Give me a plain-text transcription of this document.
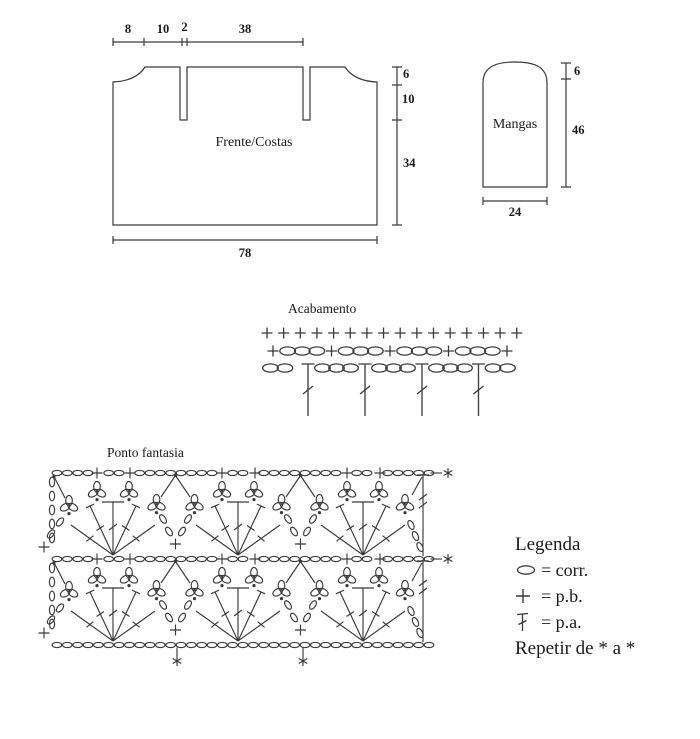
8 10 2	38
6
10
34
78
Frente/Costas
Mangas
6
46
24
Acabamento
Ponto fantasia
Legenda
= corr.
= p.b.
= p.a.
Repetir de * a *
